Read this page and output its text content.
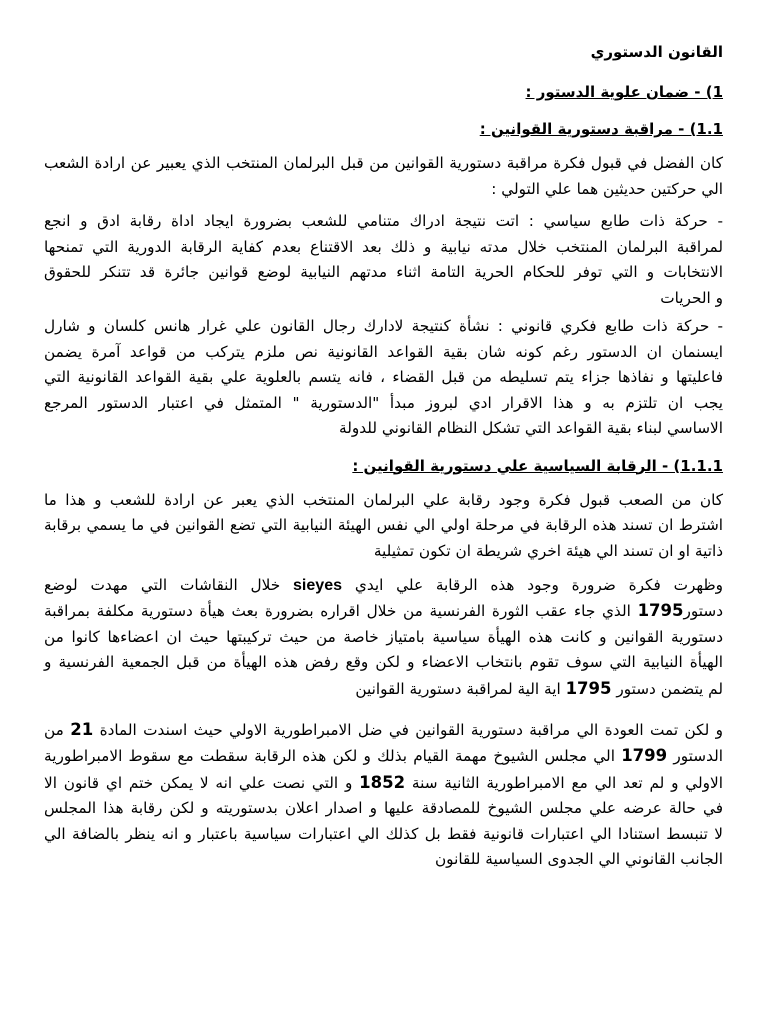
القانون الدستوري
1) - ضمان علوية الدستور :
1.1) - مراقبة دستورية القوانين :
كان الفضل في قبول فكرة مراقبة دستورية القوانين من قبل البرلمان المنتخب الذي يعبير عن ارادة الشعب
الي حركتين حديثين هما علي التولي :
- حركة ذات طابع سياسي : اتت نتيجة ادراك متنامي للشعب بضرورة ايجاد اداة رقابة ادق و انجع
لمراقبة البرلمان المنتخب خلال مدته نيابية و ذلك بعد الاقتناع بعدم كفاية الرقابة الدورية التي تمنحها
الانتخابات و التي توفر للحكام الحرية التامة اثناء مدتهم النيابية لوضع قوانين جائرة قد تتنكر للحقوق
و الحريات
- حركة ذات طابع فكري قانوني : نشأة كنتيجة لادارك رجال القانون علي غرار هانس كلسان و شارل
ايسنمان ان الدستور رغم كونه شان بقية القواعد القانونية نص ملزم يتركب من قواعد آمرة يضمن
فاعليتها و نفاذها جزاء يتم تسليطه من قبل القضاء ، فانه يتسم بالعلوية علي بقية القواعد القانونية التي
يجب ان تلتزم به و هذا الاقرار ادي لبروز مبدأ "الدستورية " المتمثل في اعتبار الدستور المرجع
الاساسي لبناء بقية القواعد التي تشكل النظام القانوني للدولة
1.1.1) - الرقابة السياسية علي دستورية القوانين :
كان من الصعب قبول فكرة وجود رقابة علي البرلمان المنتخب الذي يعبر عن ارادة للشعب و هذا ما
اشترط ان تسند هذه الرقابة في مرحلة اولي الي نفس الهيئة النيابية التي تضع القوانين في ما يسمي برقابة
ذاتية او ان تسند الي هيئة اخري شريطة ان تكون تمثيلية
وظهرت فكرة ضرورة وجود هذه الرقابة علي ايدي sieyes خلال النقاشات التي مهدت لوضع
دستور1795 الذي جاء عقب الثورة الفرنسية من خلال اقراره بضرورة بعث هيأة دستورية مكلفة بمراقبة
دستورية القوانين و كانت هذه الهيأة سياسية بامتياز خاصة من حيث تركيبتها حيث ان اعضاءها كانوا من
الهيأة النيابية التي سوف تقوم بانتخاب الاعضاء و لكن وقع رفض هذه الهيأة من قبل الجمعية الفرنسية و
لم يتضمن دستور 1795 اية الية لمراقبة دستورية القوانين
و لكن تمت العودة الي مراقبة دستورية القوانين في ضل الامبراطورية الاولي حيث اسندت المادة 21 من
الدستور 1799 الي مجلس الشيوخ مهمة القيام بذلك و لكن هذه الرقابة سقطت مع سقوط الامبراطورية
الاولي و لم تعد الي مع الامبراطورية الثانية سنة 1852 و التي نصت علي انه لا يمكن ختم اي قانون الا
في حالة عرضه علي مجلس الشيوخ للمصادقة عليها و اصدار اعلان بدستوريته و لكن رقابة هذا المجلس
لا تنبسط استنادا الي اعتبارات قانونية فقط بل كذلك الي اعتبارات سياسية باعتبار و انه ينظر بالضافة الي
الجانب القانوني الي الجدوى السياسية للقانون
